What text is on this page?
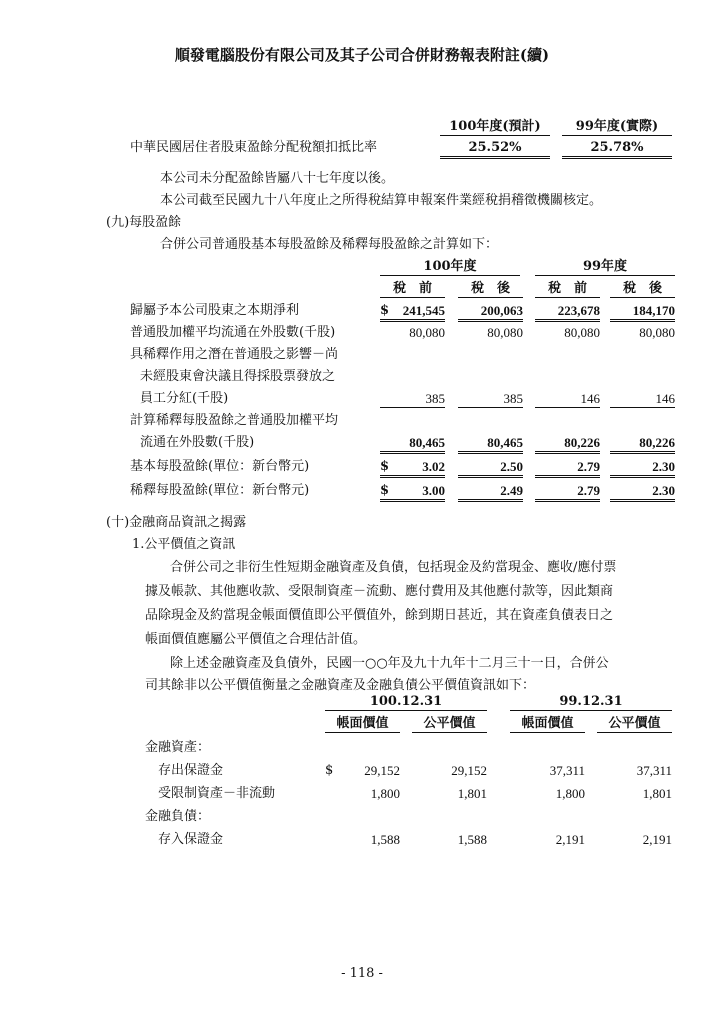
順發電腦股份有限公司及其子公司合併財務報表附註(續)
100年度(預計)	99年度(實際)
中華民國居住者股東盈餘分配稅額扣抵比率	25.52%	25.78%
本公司未分配盈餘皆屬八十七年度以後。
本公司截至民國九十八年度止之所得稅結算申報案件業經稅捐稽徵機關核定。
(九)每股盈餘
合併公司普通股基本每股盈餘及稀釋每股盈餘之計算如下：
100年度	99年度
稅　前	稅　後	稅　前	稅　後
歸屬予本公司股東之本期淨利	$	241,545	200,063	223,678	184,170
普通股加權平均流通在外股數(千股)	80,080	80,080	80,080	80,080
具稀釋作用之潛在普通股之影響－尚
未經股東會決議且得採股票發放之
員工分紅(千股)	385	385	146	146
計算稀釋每股盈餘之普通股加權平均
流通在外股數(千股)	80,465	80,465	80,226	80,226
基本每股盈餘(單位：新台幣元)	$	3.02	2.50	2.79	2.30
稀釋每股盈餘(單位：新台幣元)	$	3.00	2.49	2.79	2.30
(十)金融商品資訊之揭露
1.公平價值之資訊
合併公司之非衍生性短期金融資產及負債，包括現金及約當現金、應收/應付票
據及帳款、其他應收款、受限制資產－流動、應付費用及其他應付款等，因此類商
品除現金及約當現金帳面價值即公平價值外，餘到期日甚近，其在資產負債表日之
帳面價值應屬公平價值之合理估計值。
除上述金融資產及負債外，民國一○○年及九十九年十二月三十一日，合併公
司其餘非以公平價值衡量之金融資產及金融負債公平價值資訊如下：
100.12.31	99.12.31
帳面價值	公平價值	帳面價值	公平價值
金融資產：
存出保證金	$	29,152	29,152	37,311	37,311
受限制資產－非流動	1,800	1,801	1,800	1,801
金融負債：
存入保證金	1,588	1,588	2,191	2,191
- 118 -
